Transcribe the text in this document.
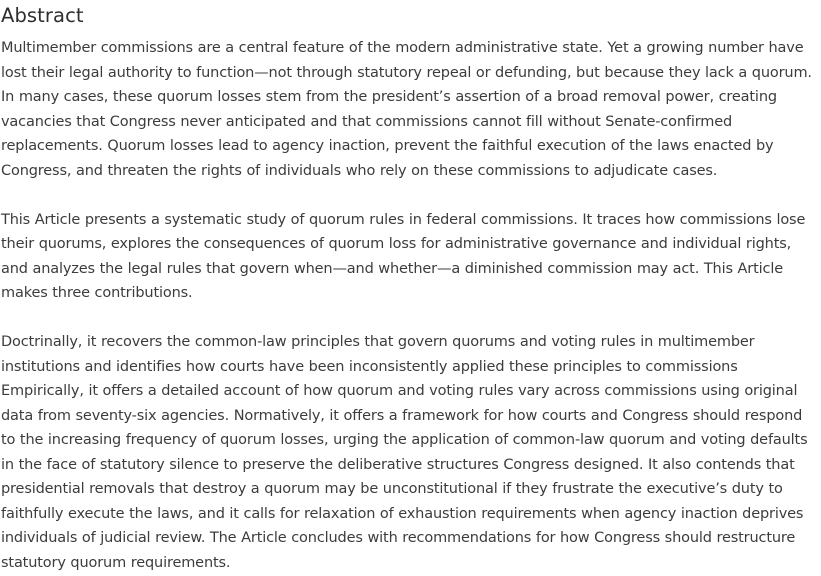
Abstract

Multimember commissions are a central feature of the modern administrative state. Yet a growing number have lost their legal authority to function—not through statutory repeal or defunding, but because they lack a quorum. In many cases, these quorum losses stem from the president’s assertion of a broad removal power, creating vacancies that Congress never anticipated and that commissions cannot fill without Senate-confirmed replacements. Quorum losses lead to agency inaction, prevent the faithful execution of the laws enacted by Congress, and threaten the rights of individuals who rely on these commissions to adjudicate cases.

This Article presents a systematic study of quorum rules in federal commissions. It traces how commissions lose their quorums, explores the consequences of quorum loss for administrative governance and individual rights, and analyzes the legal rules that govern when—and whether—a diminished commission may act. This Article makes three contributions.

Doctrinally, it recovers the common-law principles that govern quorums and voting rules in multimember institutions and identifies how courts have been inconsistently applied these principles to commissions Empirically, it offers a detailed account of how quorum and voting rules vary across commissions using original data from seventy-six agencies. Normatively, it offers a framework for how courts and Congress should respond to the increasing frequency of quorum losses, urging the application of common-law quorum and voting defaults in the face of statutory silence to preserve the deliberative structures Congress designed. It also contends that presidential removals that destroy a quorum may be unconstitutional if they frustrate the executive’s duty to faithfully execute the laws, and it calls for relaxation of exhaustion requirements when agency inaction deprives individuals of judicial review. The Article concludes with recommendations for how Congress should restructure statutory quorum requirements.
